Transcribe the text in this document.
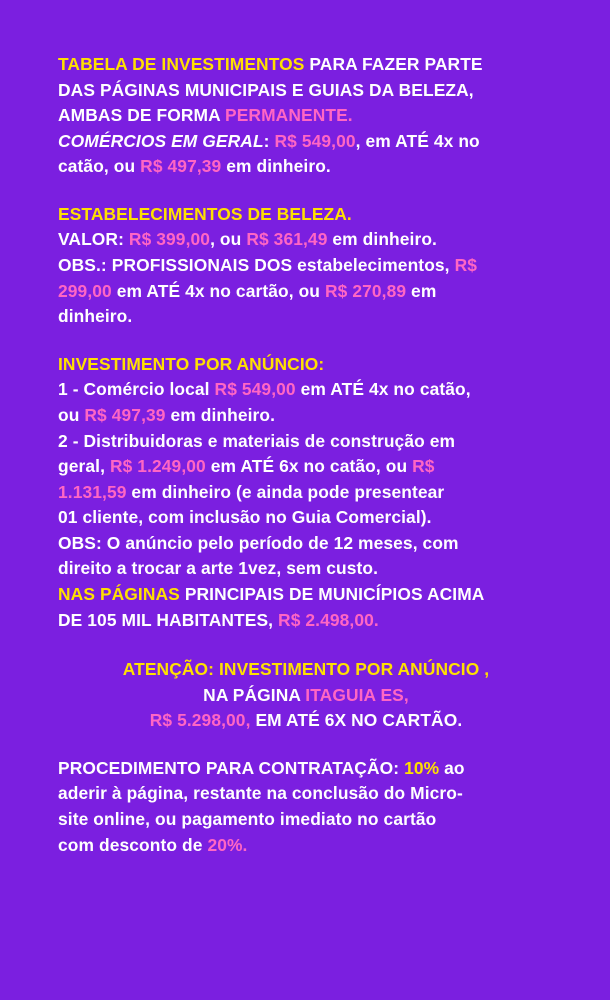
TABELA DE INVESTIMENTOS PARA FAZER PARTE
DAS PÁGINAS MUNICIPAIS E GUIAS DA BELEZA,
AMBAS DE FORMA PERMANENTE.
COMÉRCIOS EM GERAL: R$ 549,00, em ATÉ 4x no
catão, ou R$ 497,39 em dinheiro.
ESTABELECIMENTOS DE BELEZA.
VALOR: R$ 399,00, ou R$ 361,49 em dinheiro.
OBS.: PROFISSIONAIS DOS estabelecimentos, R$
299,00 em ATÉ 4x no cartão, ou R$ 270,89 em
dinheiro.
INVESTIMENTO POR ANÚNCIO:
1 - Comércio local R$ 549,00 em ATÉ 4x no catão,
ou R$ 497,39 em dinheiro.
2 - Distribuidoras e materiais de construção em
geral, R$ 1.249,00 em ATÉ 6x no catão, ou R$
1.131,59 em dinheiro (e ainda pode presentear
01 cliente, com inclusão no Guia Comercial).
OBS: O anúncio pelo período de 12 meses, com
direito a trocar a arte 1vez, sem custo.
NAS PÁGINAS PRINCIPAIS DE MUNICÍPIOS ACIMA
DE 105 MIL HABITANTES, R$ 2.498,00.
ATENÇÃO: INVESTIMENTO POR ANÚNCIO ,
NA PÁGINA ITAGUIA ES,
R$ 5.298,00, EM ATÉ 6X NO CARTÃO.
PROCEDIMENTO PARA CONTRATAÇÃO: 10% ao
aderir à página, restante na conclusão do Micro-
site online, ou pagamento imediato no cartão
com desconto de 20%.
